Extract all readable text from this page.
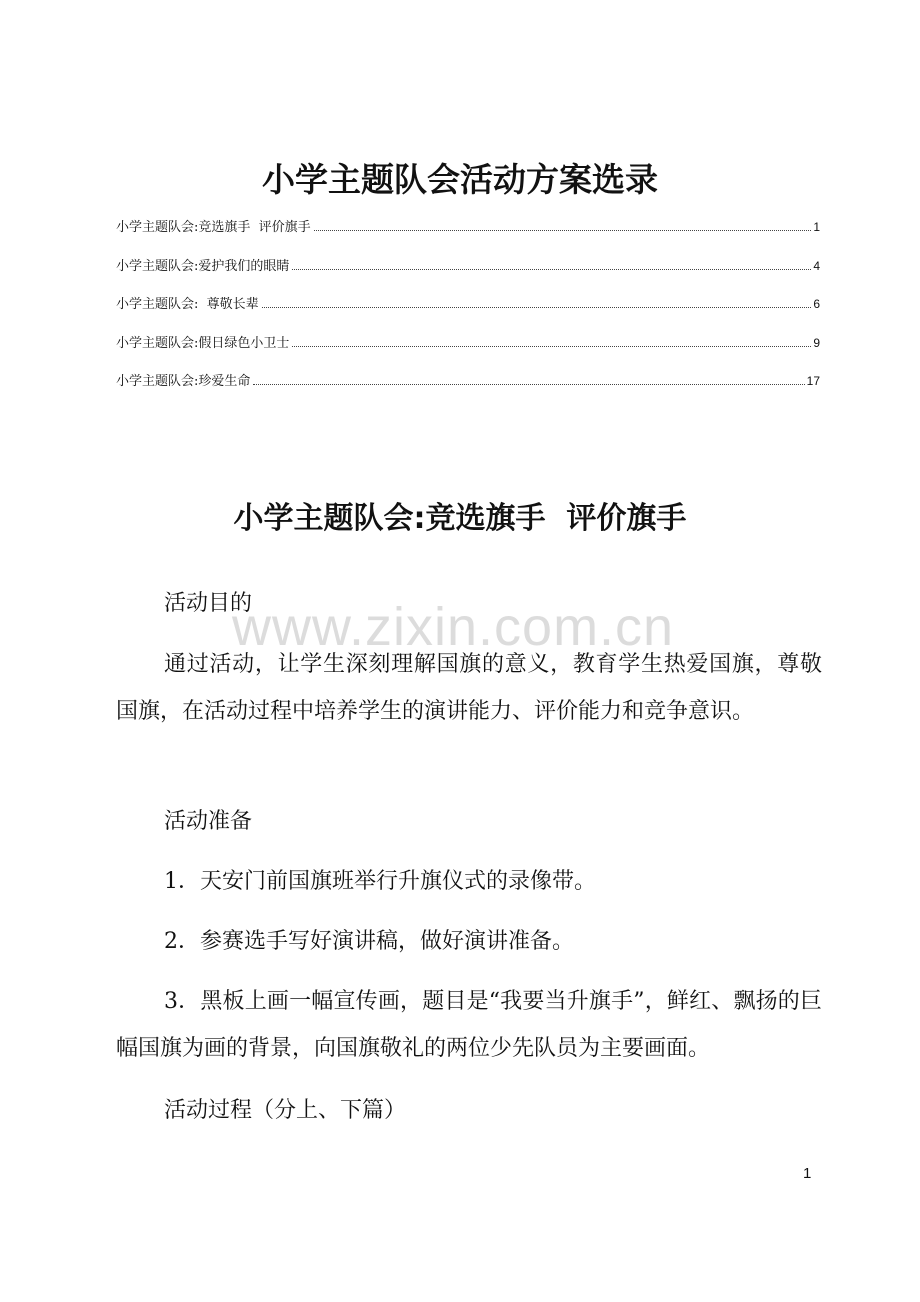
小学主题队会活动方案选录
小学主题队会:竞选旗手  评价旗手	1
小学主题队会:爱护我们的眼睛	4
小学主题队会:  尊敬长辈	6
小学主题队会:假日绿色小卫士	9
小学主题队会:珍爱生命	17
小学主题队会:竞选旗手  评价旗手
www.zixin.com.cn

活动目的

通过活动，让学生深刻理解国旗的意义，教育学生热爱国旗，尊敬国旗，在活动过程中培养学生的演讲能力、评价能力和竞争意识。

活动准备

1．天安门前国旗班举行升旗仪式的录像带。

2．参赛选手写好演讲稿，做好演讲准备。

3．黑板上画一幅宣传画，题目是“我要当升旗手”，鲜红、飘扬的巨幅国旗为画的背景，向国旗敬礼的两位少先队员为主要画面。

活动过程（分上、下篇）

1
